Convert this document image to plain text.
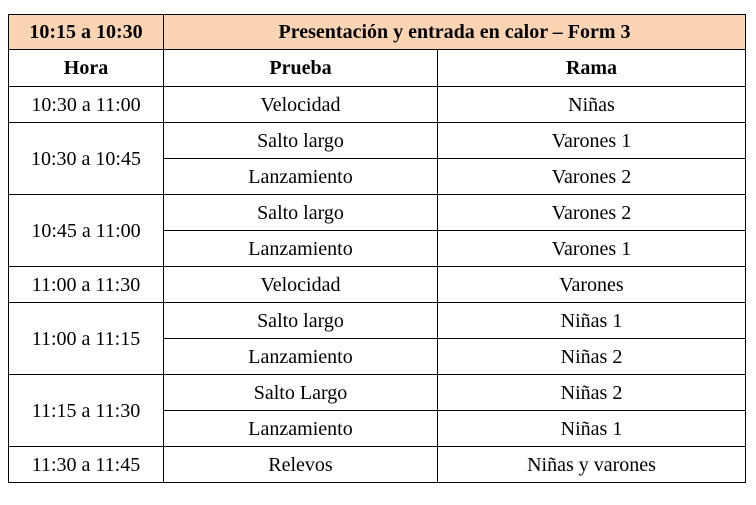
10:15 a 10:30	Presentación y entrada en calor – Form 3	
Hora	Prueba	Rama
10:30 a 11:00	Velocidad	Niñas
10:30 a 10:45	Salto largo	Varones 1
	Lanzamiento	Varones 2
10:45 a 11:00	Salto largo	Varones 2
	Lanzamiento	Varones 1
11:00 a 11:30	Velocidad	Varones
11:00 a 11:15	Salto largo	Niñas 1
	Lanzamiento	Niñas 2
11:15 a 11:30	Salto Largo	Niñas 2
	Lanzamiento	Niñas 1
11:30 a 11:45	Relevos	Niñas y varones
